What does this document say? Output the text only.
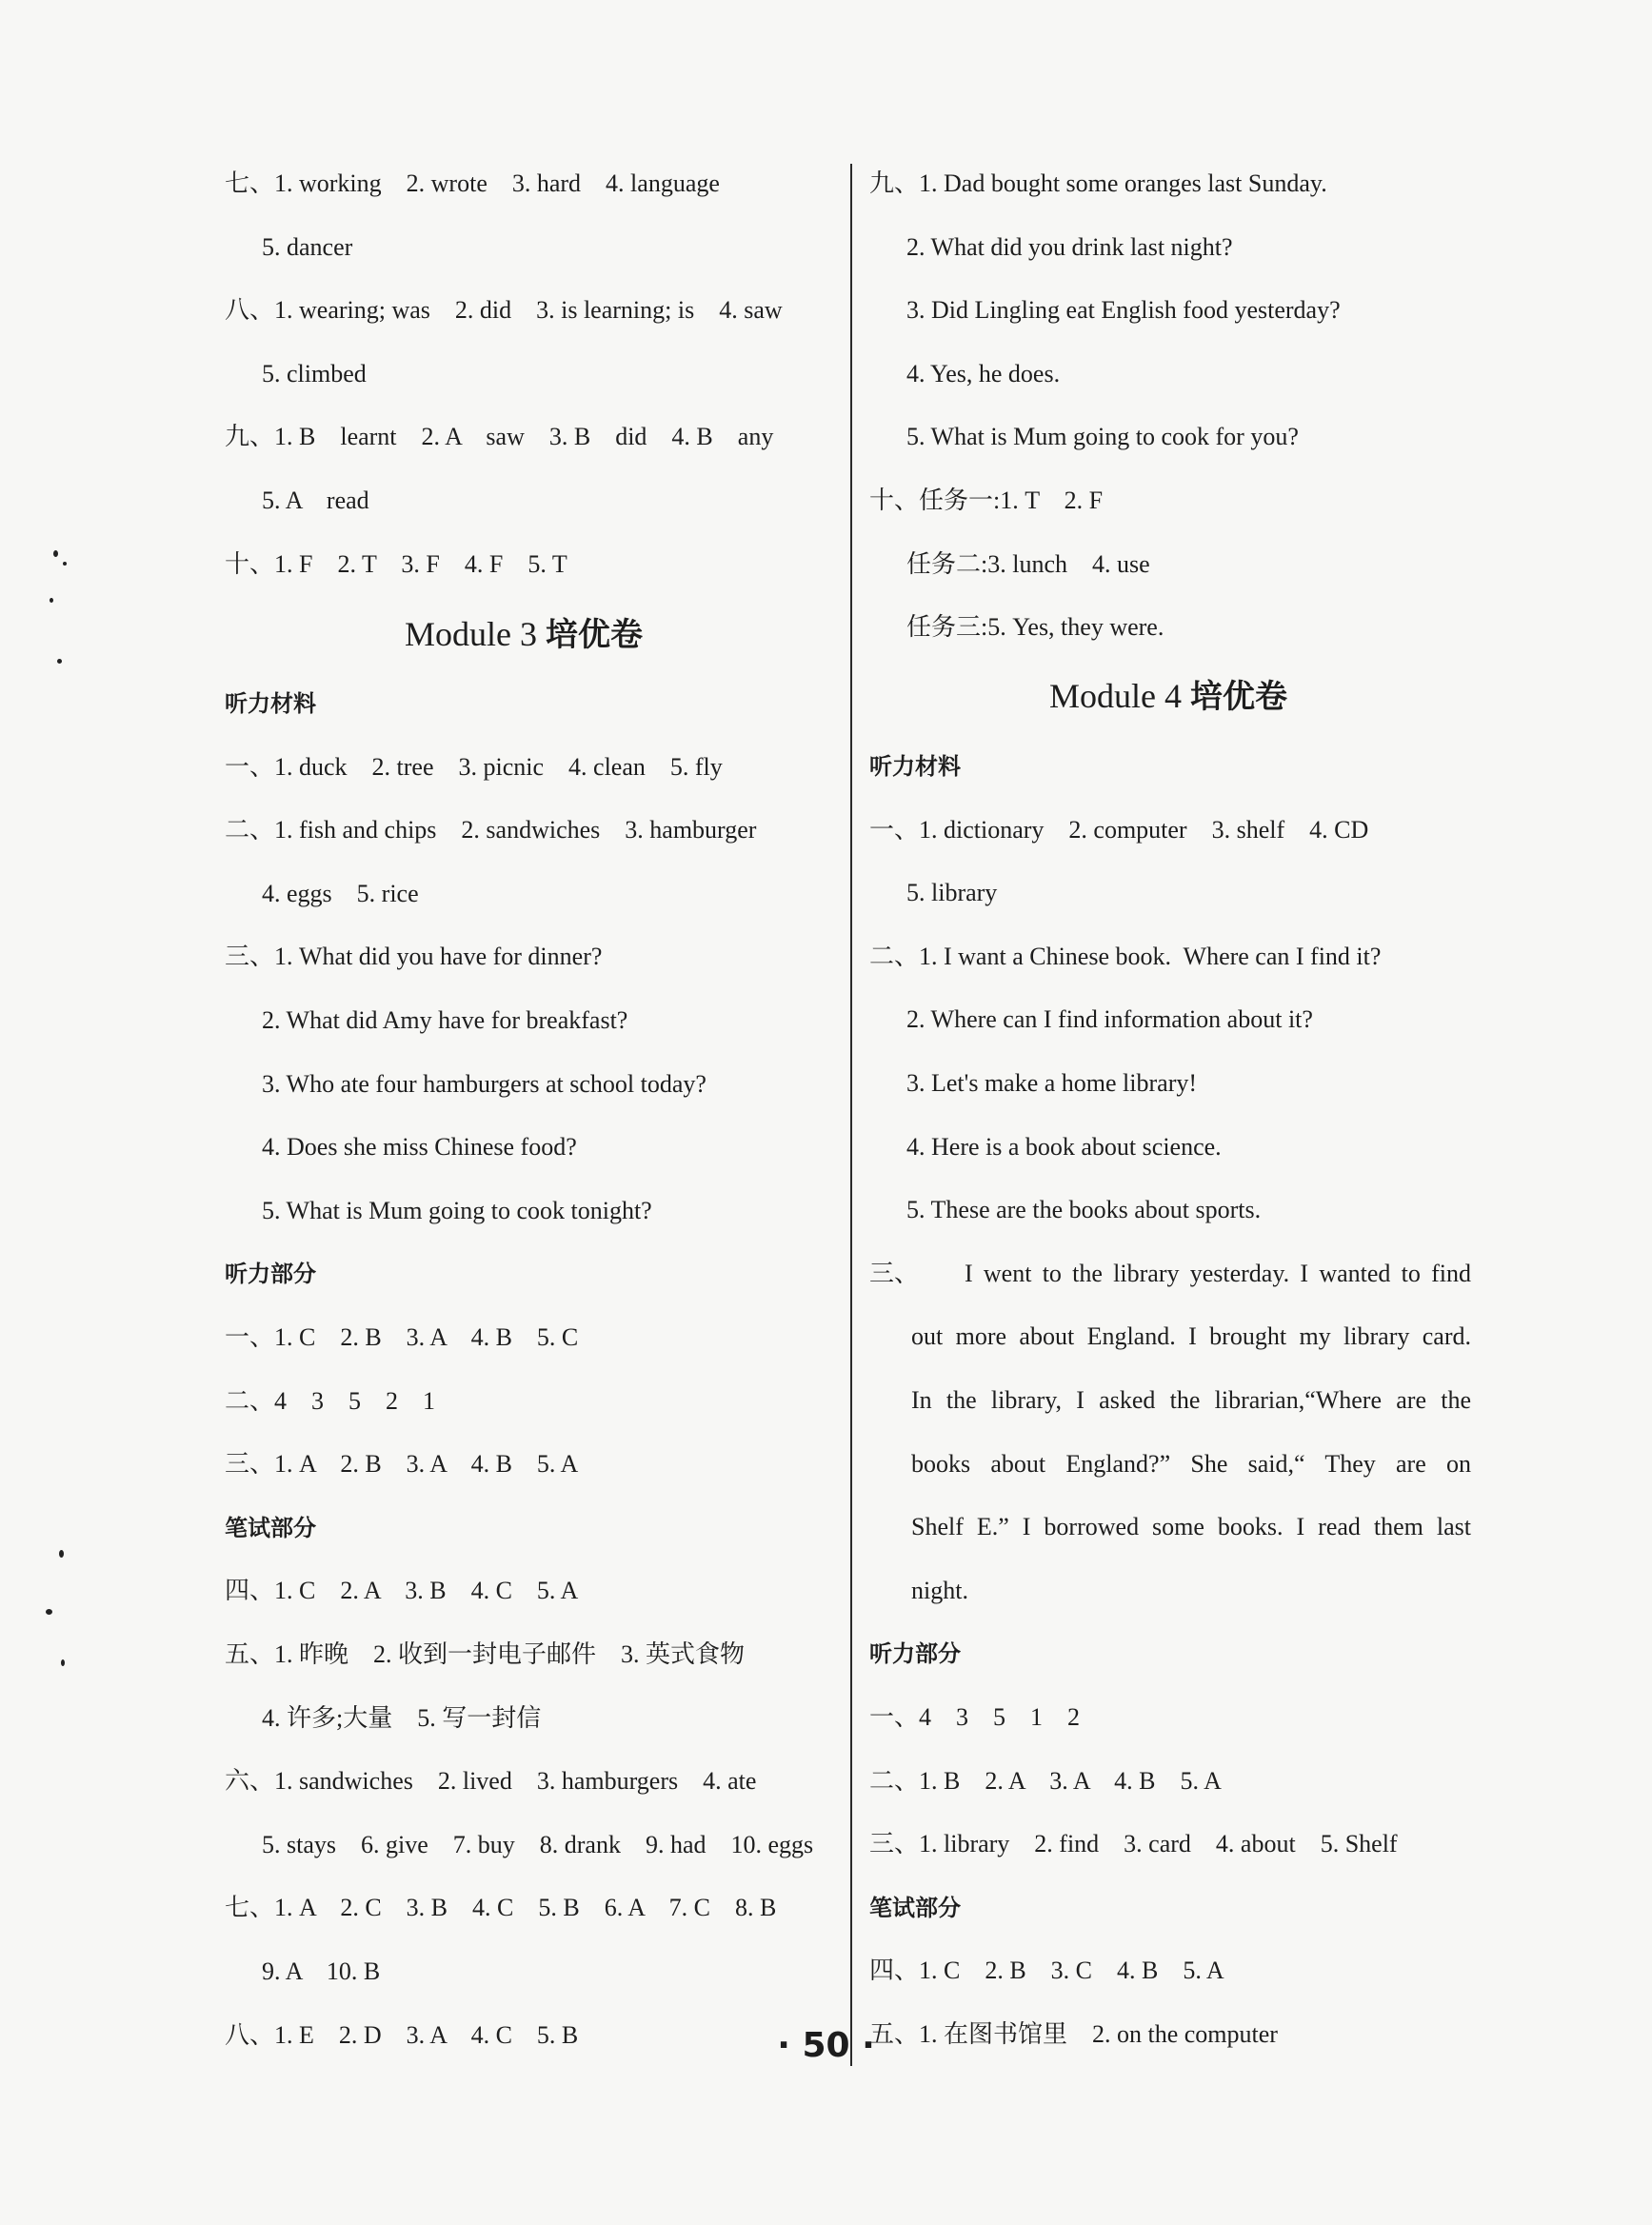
七、1. working    2. wrote    3. hard    4. language
5. dancer
八、1. wearing; was    2. did    3. is learning; is    4. saw
5. climbed
九、1. B    learnt    2. A    saw    3. B    did    4. B    any
5. A    read
十、1. F    2. T    3. F    4. F    5. T
Module 3 培优卷
听力材料
一、1. duck    2. tree    3. picnic    4. clean    5. fly
二、1. fish and chips    2. sandwiches    3. hamburger
4. eggs    5. rice
三、1. What did you have for dinner?
2. What did Amy have for breakfast?
3. Who ate four hamburgers at school today?
4. Does she miss Chinese food?
5. What is Mum going to cook tonight?
听力部分
一、1. C    2. B    3. A    4. B    5. C
二、4    3    5    2    1
三、1. A    2. B    3. A    4. B    5. A
笔试部分
四、1. C    2. A    3. B    4. C    5. A
五、1. 昨晚    2. 收到一封电子邮件    3. 英式食物
4. 许多;大量    5. 写一封信
六、1. sandwiches    2. lived    3. hamburgers    4. ate
5. stays    6. give    7. buy    8. drank    9. had    10. eggs
七、1. A    2. C    3. B    4. C    5. B    6. A    7. C    8. B
9. A    10. B
八、1. E    2. D    3. A    4. C    5. B
九、1. Dad bought some oranges last Sunday.
2. What did you drink last night?
3. Did Lingling eat English food yesterday?
4. Yes, he does.
5. What is Mum going to cook for you?
十、任务一:1. T    2. F
任务二:3. lunch    4. use
任务三:5. Yes, they were.
Module 4 培优卷
听力材料
一、1. dictionary    2. computer    3. shelf    4. CD
5. library
二、1. I want a Chinese book.  Where can I find it?
2. Where can I find information about it?
3. Let's make a home library!
4. Here is a book about science.
5. These are the books about sports.
三、 I went to the library yesterday. I wanted to find
out more about England. I brought my library card.
In the library, I asked the librarian,“Where are the
books about England?” She said,“ They are on
Shelf E.” I borrowed some books. I read them last
night.
听力部分
一、4    3    5    1    2
二、1. B    2. A    3. A    4. B    5. A
三、1. library    2. find    3. card    4. about    5. Shelf
笔试部分
四、1. C    2. B    3. C    4. B    5. A
五、1. 在图书馆里    2. on the computer
· 50 ·
